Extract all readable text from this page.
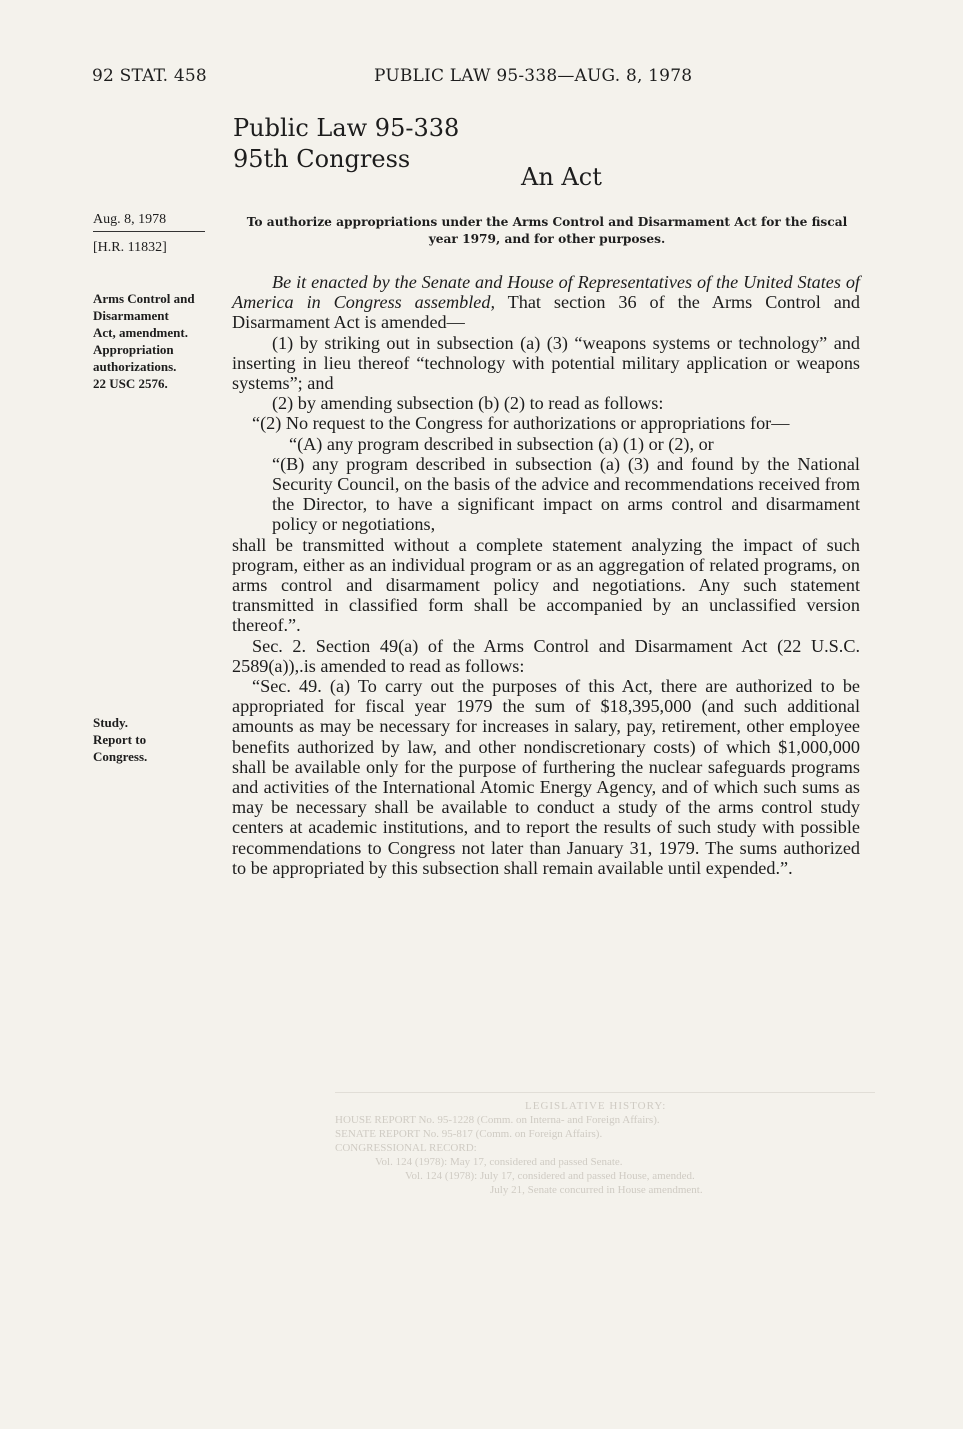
92 STAT. 458	PUBLIC LAW 95-338—AUG. 8, 1978
Public Law 95-338
95th Congress
An Act
Aug. 8, 1978
[H.R. 11832]
Arms Control and
Disarmament
Act, amendment.
Appropriation
authorizations.
22 USC 2576.
Study.
Report to
Congress.
To authorize appropriations under the Arms Control and Disarmament Act for the fiscal year 1979, and for other purposes.

Be it enacted by the Senate and House of Representatives of the United States of America in Congress assembled, That section 36 of the Arms Control and Disarmament Act is amended—

(1) by striking out in subsection (a) (3) “weapons systems or technology” and inserting in lieu thereof “technology with potential military application or weapons systems”; and

(2) by amending subsection (b) (2) to read as follows:

“(2) No request to the Congress for authorizations or appropriations for—

“(A) any program described in subsection (a) (1) or (2), or

“(B) any program described in subsection (a) (3) and found by the National Security Council, on the basis of the advice and recommendations received from the Director, to have a significant impact on arms control and disarmament policy or negotiations,

shall be transmitted without a complete statement analyzing the impact of such program, either as an individual program or as an aggregation of related programs, on arms control and disarmament policy and negotiations. Any such statement transmitted in classified form shall be accompanied by an unclassified version thereof.”.

Sec. 2. Section 49(a) of the Arms Control and Disarmament Act (22 U.S.C. 2589(a)),.is amended to read as follows:

“Sec. 49. (a) To carry out the purposes of this Act, there are authorized to be appropriated for fiscal year 1979 the sum of $18,395,000 (and such additional amounts as may be necessary for increases in salary, pay, retirement, other employee benefits authorized by law, and other nondiscretionary costs) of which $1,000,000 shall be available only for the purpose of furthering the nuclear safeguards programs and activities of the International Atomic Energy Agency, and of which such sums as may be necessary shall be available to conduct a study of the arms control study centers at academic institutions, and to report the results of such study with possible recommendations to Congress not later than January 31, 1979. The sums authorized to be appropriated by this subsection shall remain available until expended.”.

LEGISLATIVE HISTORY:
HOUSE REPORT No. 95-1228 (Comm. on Interna- and Foreign Affairs).
SENATE REPORT No. 95-817 (Comm. on Foreign Affairs).
CONGRESSIONAL RECORD:
Vol. 124 (1978): May 17, considered and passed Senate.
Vol. 124 (1978): July 17, considered and passed House, amended.
July 21, Senate concurred in House amendment.
